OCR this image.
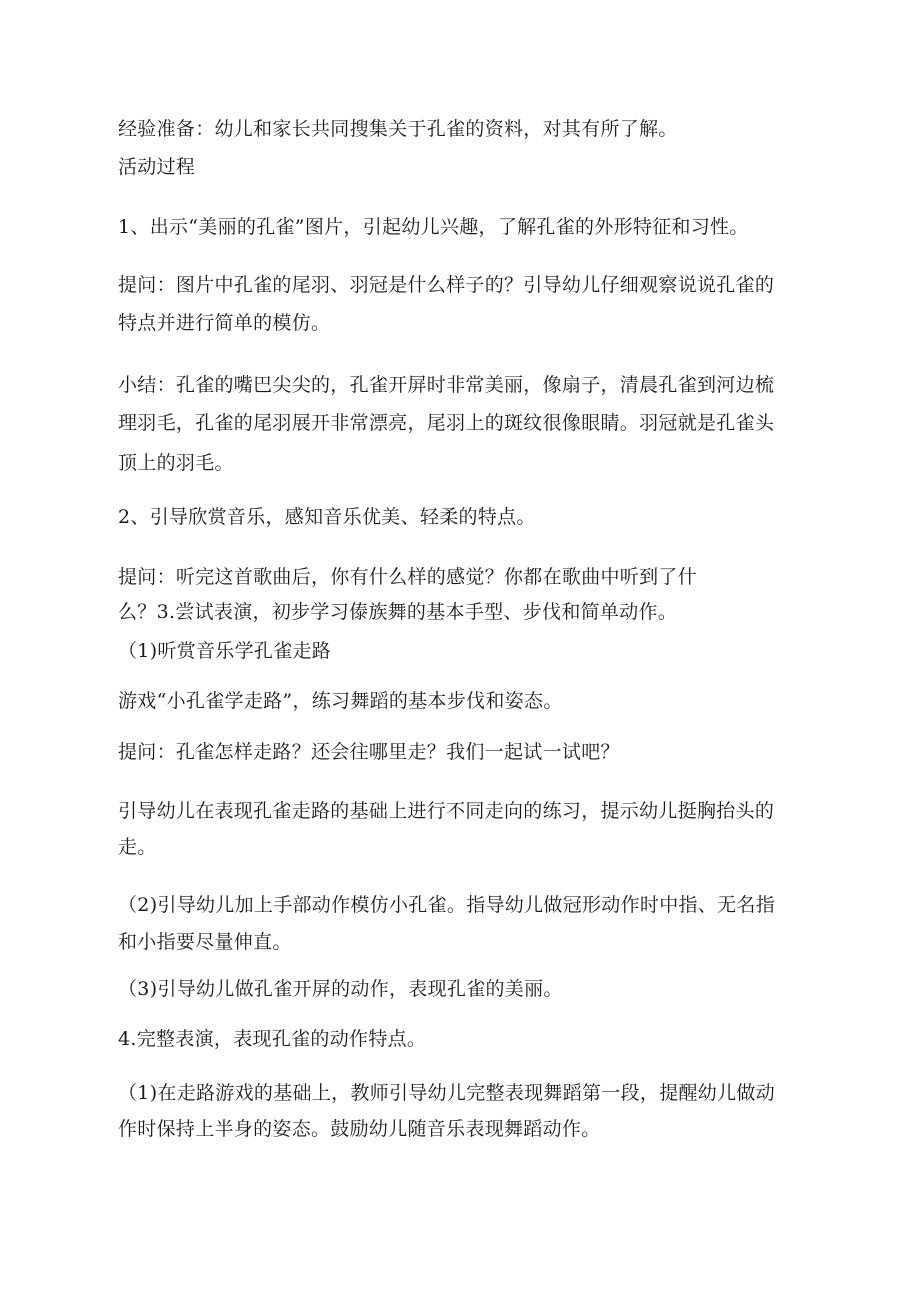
经验准备：幼儿和家长共同搜集关于孔雀的资料，对其有所了解。
活动过程
1、出示“美丽的孔雀”图片，引起幼儿兴趣，了解孔雀的外形特征和习性。
提问：图片中孔雀的尾羽、羽冠是什么样子的？引导幼儿仔细观察说说孔雀的
特点并进行简单的模仿。
小结：孔雀的嘴巴尖尖的，孔雀开屏时非常美丽，像扇子，清晨孔雀到河边梳
理羽毛，孔雀的尾羽展开非常漂亮，尾羽上的斑纹很像眼睛。羽冠就是孔雀头
顶上的羽毛。
2、引导欣赏音乐，感知音乐优美、轻柔的特点。
提问：听完这首歌曲后，你有什么样的感觉？你都在歌曲中听到了什
么？3.尝试表演，初步学习傣族舞的基本手型、步伐和简单动作。
（1)听赏音乐学孔雀走路
游戏“小孔雀学走路”，练习舞蹈的基本步伐和姿态。
提问：孔雀怎样走路？还会往哪里走？我们一起试一试吧？
引导幼儿在表现孔雀走路的基础上进行不同走向的练习，提示幼儿挺胸抬头的
走。
（2)引导幼儿加上手部动作模仿小孔雀。指导幼儿做冠形动作时中指、无名指
和小指要尽量伸直。
（3)引导幼儿做孔雀开屏的动作，表现孔雀的美丽。
4.完整表演，表现孔雀的动作特点。
（1)在走路游戏的基础上，教师引导幼儿完整表现舞蹈第一段，提醒幼儿做动
作时保持上半身的姿态。鼓励幼儿随音乐表现舞蹈动作。
